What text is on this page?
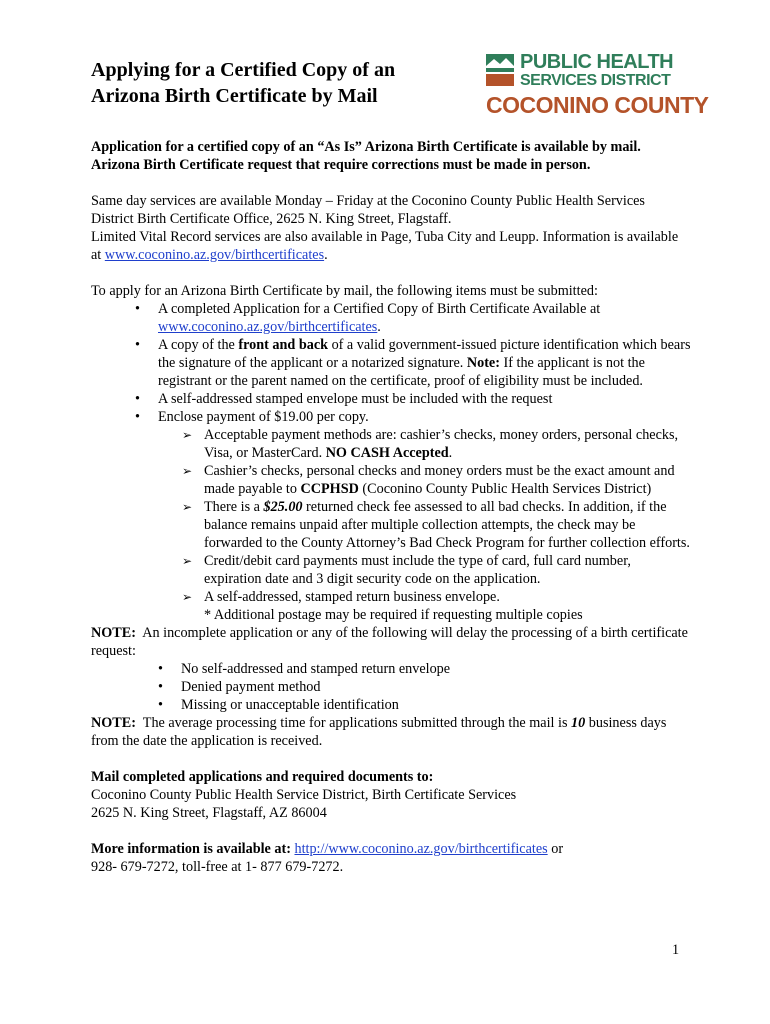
Applying for a Certified Copy of an
Arizona Birth Certificate by Mail
PUBLIC HEALTH
SERVICES DISTRICT
COCONINO COUNTY

Application for a certified copy of an “As Is” Arizona Birth Certificate is available by mail. Arizona Birth Certificate request that require corrections must be made in person.

Same day services are available Monday – Friday at the Coconino County Public Health Services District Birth Certificate Office, 2625 N. King Street, Flagstaff.

Limited Vital Record services are also available in Page, Tuba City and Leupp. Information is available at www.coconino.az.gov/birthcertificates.

To apply for an Arizona Birth Certificate by mail, the following items must be submitted:

• A completed Application for a Certified Copy of Birth Certificate Available at www.coconino.az.gov/birthcertificates.
• A copy of the front and back of a valid government-issued picture identification which bears the signature of the applicant or a notarized signature. Note: If the applicant is not the registrant or the parent named on the certificate, proof of eligibility must be included.
• A self-addressed stamped envelope must be included with the request
• Enclose payment of $19.00 per copy.
➢ Acceptable payment methods are: cashier’s checks, money orders, personal checks, Visa, or MasterCard. NO CASH Accepted.
➢ Cashier’s checks, personal checks and money orders must be the exact amount and made payable to CCPHSD (Coconino County Public Health Services District)
➢ There is a $25.00 returned check fee assessed to all bad checks. In addition, if the balance remains unpaid after multiple collection attempts, the check may be forwarded to the County Attorney’s Bad Check Program for further collection efforts.
➢ Credit/debit card payments must include the type of card, full card number, expiration date and 3 digit security code on the application.
➢ A self-addressed, stamped return business envelope.

* Additional postage may be required if requesting multiple copies

NOTE:  An incomplete application or any of the following will delay the processing of a birth certificate request:

• No self-addressed and stamped return envelope
• Denied payment method
• Missing or unacceptable identification

NOTE:  The average processing time for applications submitted through the mail is 10 business days from the date the application is received.

Mail completed applications and required documents to:

Coconino County Public Health Service District, Birth Certificate Services

2625 N. King Street, Flagstaff, AZ 86004

More information is available at: http://www.coconino.az.gov/birthcertificates or

928- 679-7272, toll-free at 1- 877 679-7272.

1
